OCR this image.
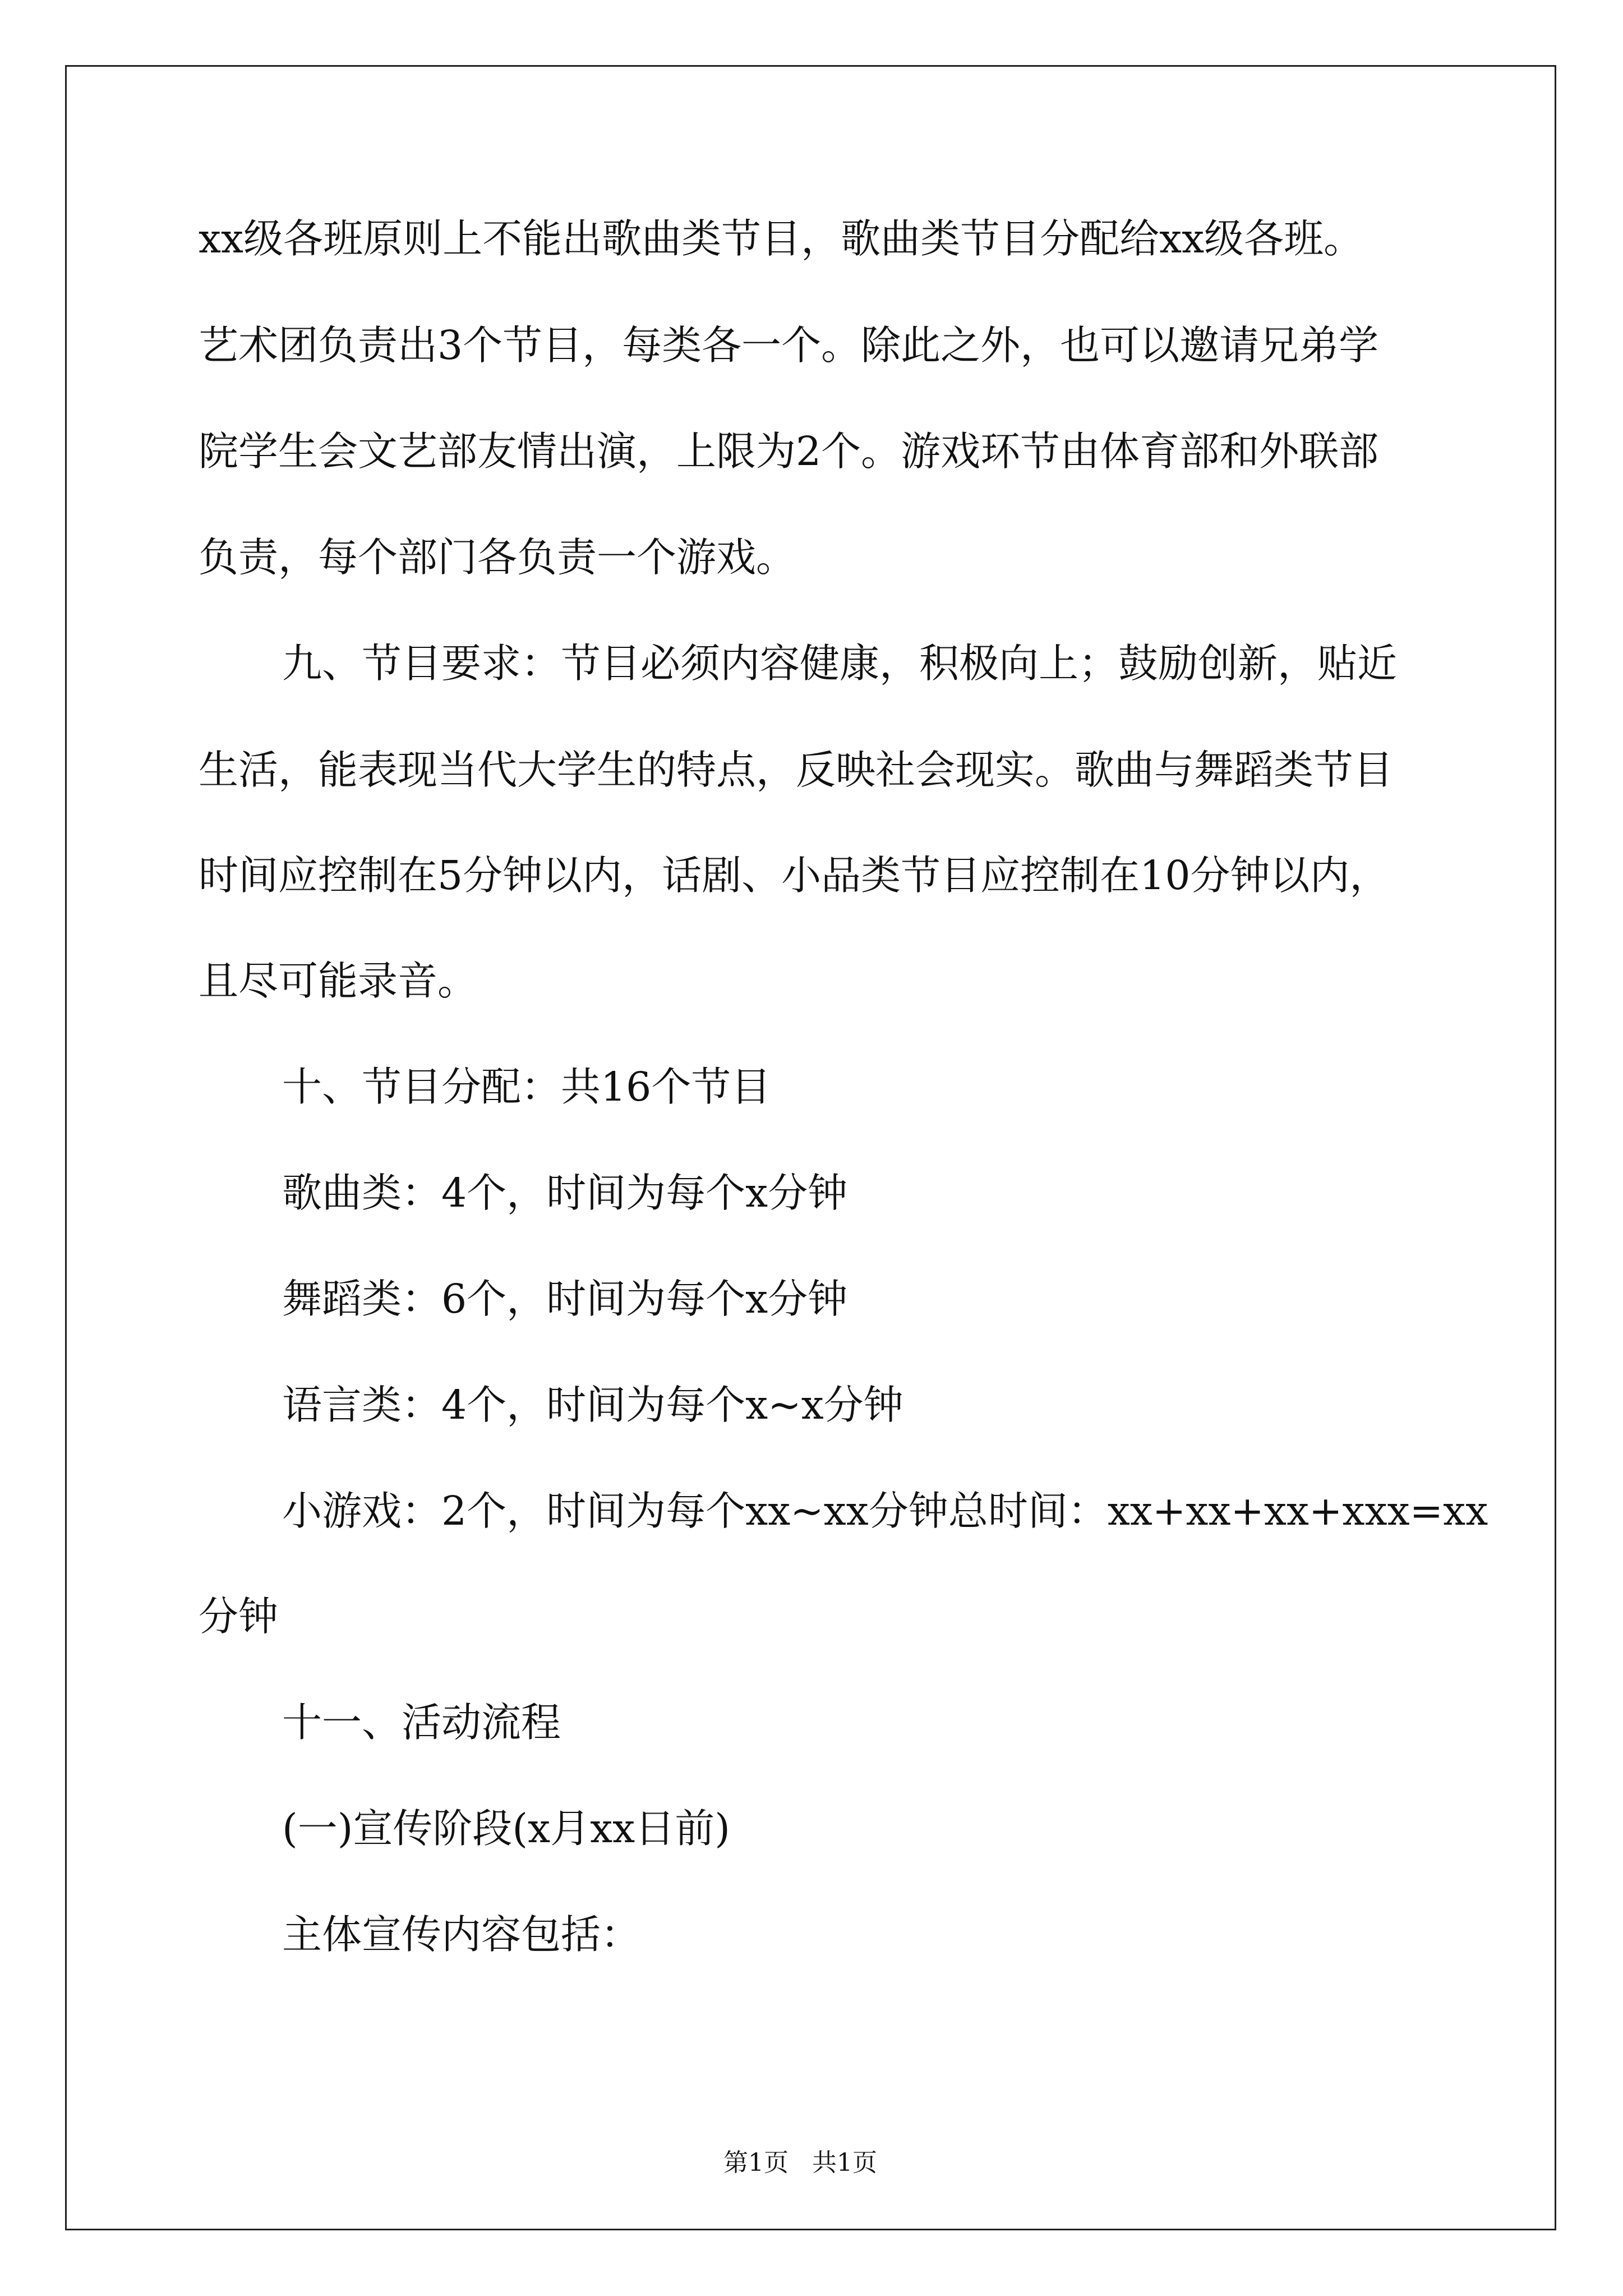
xx级各班原则上不能出歌曲类节目，歌曲类节目分配给xx级各班。

艺术团负责出3个节目，每类各一个。除此之外，也可以邀请兄弟学

院学生会文艺部友情出演，上限为2个。游戏环节由体育部和外联部

负责，每个部门各负责一个游戏。

九、节目要求：节目必须内容健康，积极向上；鼓励创新，贴近

生活，能表现当代大学生的特点，反映社会现实。歌曲与舞蹈类节目

时间应控制在5分钟以内，话剧、小品类节目应控制在10分钟以内，

且尽可能录音。

十、节目分配：共16个节目

歌曲类：4个，时间为每个x分钟

舞蹈类：6个，时间为每个x分钟

语言类：4个，时间为每个x~x分钟

小游戏：2个，时间为每个xx~xx分钟总时间：xx+xx+xx+xxx=xx

分钟

十一、活动流程

(一)宣传阶段(x月xx日前)

主体宣传内容包括：

第1页   共1页
